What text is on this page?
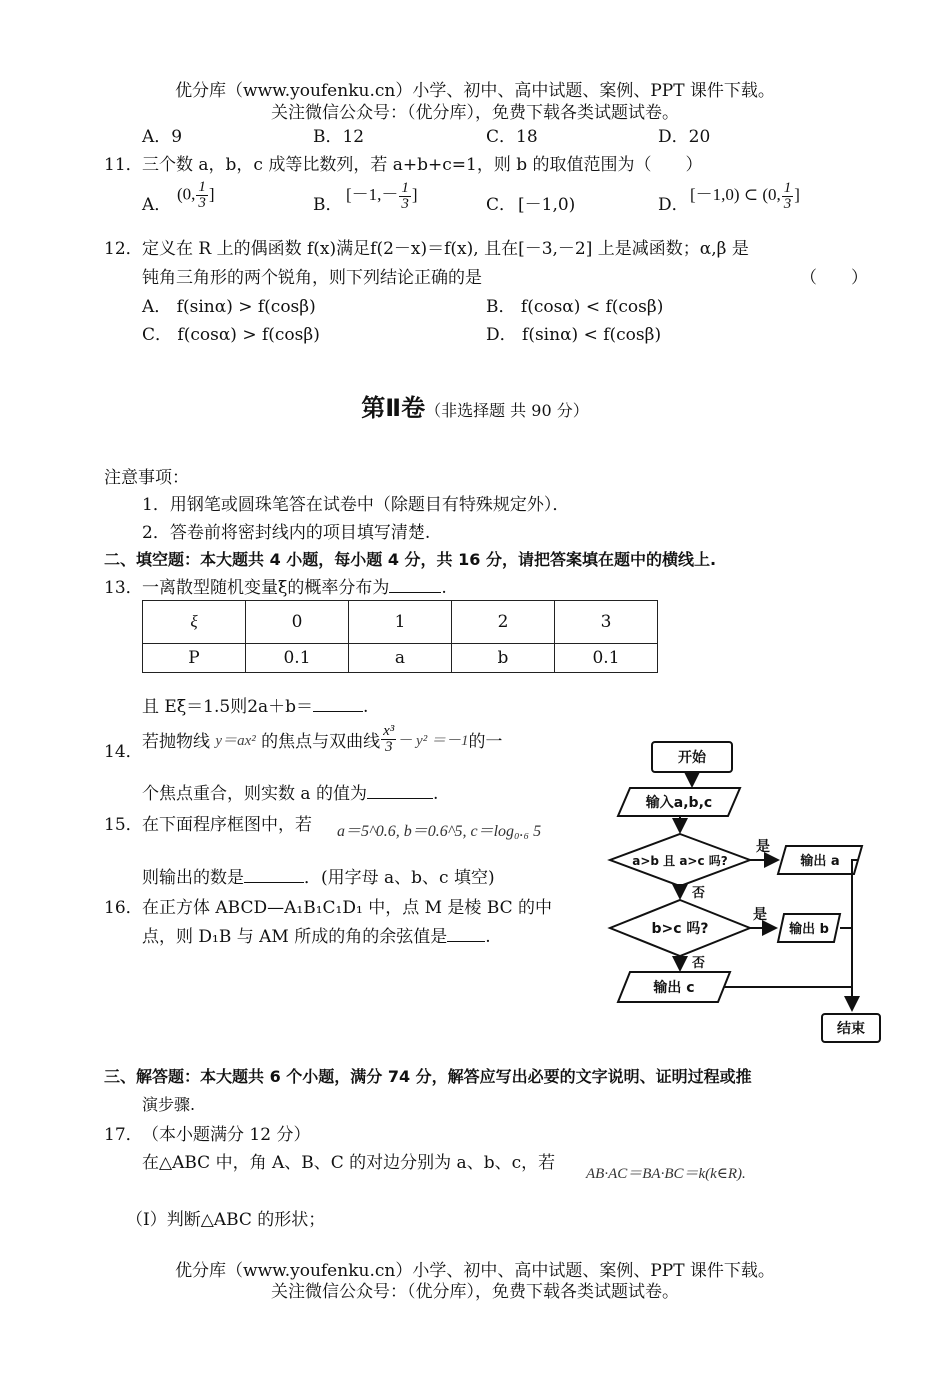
优分库（www.youfenku.cn）小学、初中、高中试题、案例、PPT 课件下载。
关注微信公众号：（优分库），免费下载各类试题试卷。
A．9	B．12	C．18	D．20
11． 三个数 a，b，c 成等比数列，若 a+b+c=1，则 b 的取值范围为（　　）
A．
(0, $\frac{1}{3}$ ]
B．
[$-1,- \frac{1}{3}$ ]
C． [－1,0)	D．
[－1,0) ⊂ (0, $\frac{1}{3}$ ]
12． 定义在 R 上的偶函数 f(x)满足f(2－x)＝f(x), 且在[－3,－2] 上是减函数；α,β 是
钝角三角形的两个锐角，则下列结论正确的是	（　　）
A． f(sinα) > f(cosβ)	B． f(cosα) < f(cosβ)
C． f(cosα) > f(cosβ)	D． f(sinα) < f(cosβ)
第Ⅱ卷（非选择题 共 90 分）
注意事项：
1．用钢笔或圆珠笔答在试卷中（除题目有特殊规定外）．
2．答卷前将密封线内的项目填写清楚.
二、填空题：本大题共 4 小题，每小题 4 分，共 16 分，请把答案填在题中的横线上.
13． 一离散型随机变量ξ的概率分布为	.
ξ	0	1	2	3
P	0.1	a	b	0.1
且 Eξ＝1.5则2a＋b＝	.
14． 若抛物线 y＝ax² 的焦点与双曲线 $\frac{\text{x³}}{3} - y^2 =-1$的一
个焦点重合，则实数 a 的值为	.
15． 在下面程序框图中，若 a＝5^0.6, b＝0.6^5, c＝log₀.₆ 5
则输出的数是	．(用字母 a、b、c 填空)
16． 在正方体 ABCD—A₁B₁C₁D₁ 中，点 M 是棱 BC 的中
点，则 D₁B 与 AM 所成的角的余弦值是 .
开始
输入a,b,c
a>b 且 a>c 吗?
是
输出 a
否
b>c 吗?
是
输出 b
否
输出 c
结束
三、解答题：本大题共 6 个小题，满分 74 分，解答应写出必要的文字说明、证明过程或推
演步骤.
17． （本小题满分 12 分）
在△ABC 中，角 A、B、C 的对边分别为 a、b、c，若
AB·AC＝BA·BC＝k(k∈R).
（Ⅰ）判断△ABC 的形状；
优分库（www.youfenku.cn）小学、初中、高中试题、案例、PPT 课件下载。
关注微信公众号：（优分库），免费下载各类试题试卷。
